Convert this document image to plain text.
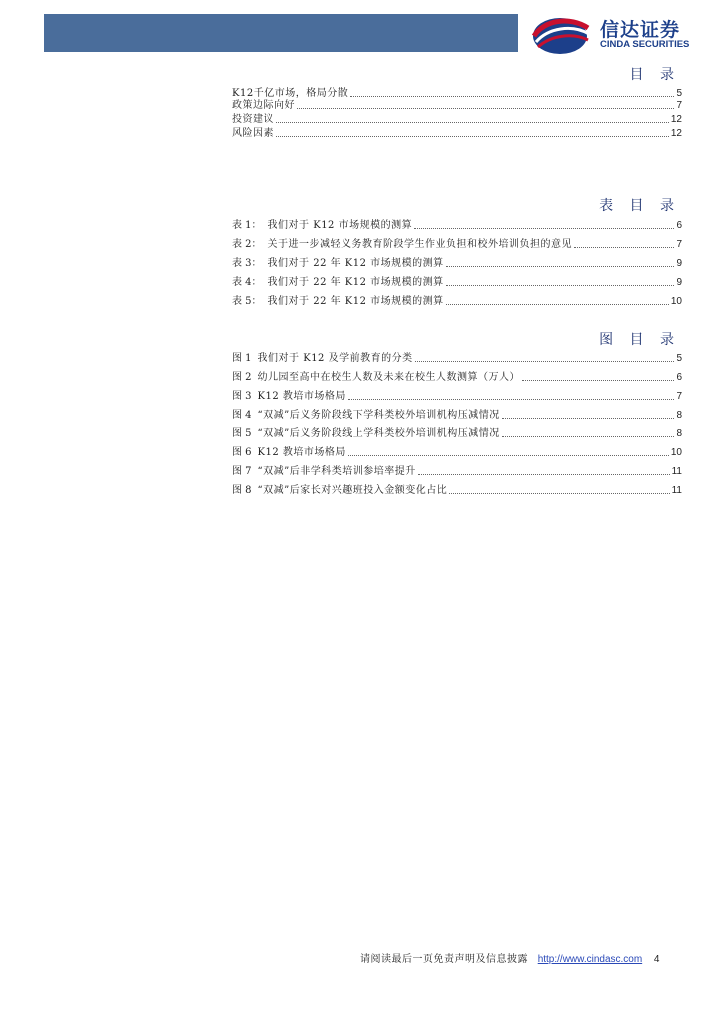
信达证券
CINDA SECURITIES
目 录
K12千亿市场，格局分散	5
政策边际向好	7
投资建议	12
风险因素	12
表 目 录
表 1： 我们对于 K12 市场规模的测算	6
表 2： 关于进一步减轻义务教育阶段学生作业负担和校外培训负担的意见	7
表 3： 我们对于 22 年 K12 市场规模的测算	9
表 4： 我们对于 22 年 K12 市场规模的测算	9
表 5： 我们对于 22 年 K12 市场规模的测算	10
图 目 录
图 1 我们对于 K12 及学前教育的分类	5
图 2 幼儿园至高中在校生人数及未来在校生人数测算（万人）	6
图 3 K12 教培市场格局	7
图 4 “双减”后义务阶段线下学科类校外培训机构压减情况	8
图 5 “双减”后义务阶段线上学科类校外培训机构压减情况	8
图 6 K12 教培市场格局	10
图 7 “双减”后非学科类培训参培率提升	11
图 8 “双减”后家长对兴趣班投入金额变化占比	11
请阅读最后一页免责声明及信息披露 http://www.cindasc.com 4
